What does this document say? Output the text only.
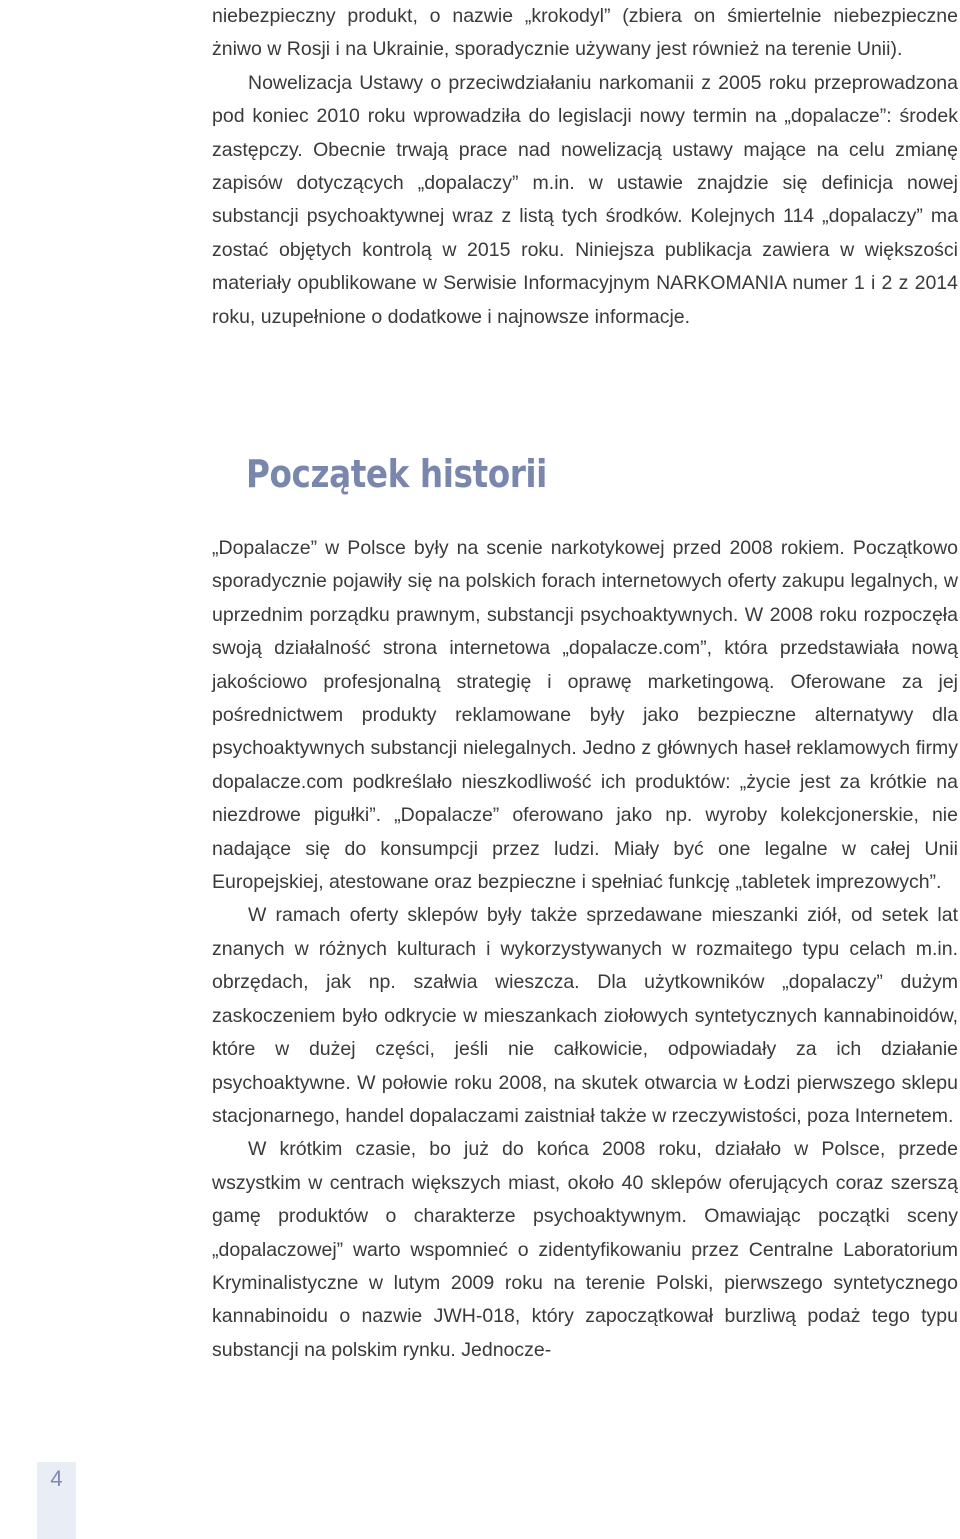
niebezpieczny produkt, o nazwie „krokodyl” (zbiera on śmiertelnie niebezpieczne żniwo w Rosji i na Ukrainie, sporadycznie używany jest również na terenie Unii).

Nowelizacja Ustawy o przeciwdziałaniu narkomanii z 2005 roku przeprowadzona pod koniec 2010 roku wprowadziła do legislacji nowy termin na „dopalacze”: środek zastępczy. Obecnie trwają prace nad nowelizacją ustawy mające na celu zmianę zapisów dotyczących „dopalaczy” m.in. w ustawie znajdzie się definicja nowej substancji psychoaktywnej wraz z listą tych środków. Kolejnych 114 „dopalaczy” ma zostać objętych kontrolą w 2015 roku. Niniejsza publikacja zawiera w większości materiały opublikowane w Serwisie Informacyjnym NARKOMANIA numer 1 i 2 z 2014 roku, uzupełnione o dodatkowe i najnowsze informacje.

Początek historii

„Dopalacze” w Polsce były na scenie narkotykowej przed 2008 rokiem. Początkowo sporadycznie pojawiły się na polskich forach internetowych oferty zakupu legalnych, w uprzednim porządku prawnym, substancji psychoaktywnych. W 2008 roku rozpoczęła swoją działalność strona internetowa „dopalacze.com”, która przedstawiała nową jakościowo profesjonalną strategię i oprawę marketingową. Oferowane za jej pośrednictwem produkty reklamowane były jako bezpieczne alternatywy dla psychoaktywnych substancji nielegalnych. Jedno z głównych haseł reklamowych firmy dopalacze.com podkreślało nieszkodliwość ich produktów: „życie jest za krótkie na niezdrowe pigułki”. „Dopalacze” oferowano jako np. wyroby kolekcjonerskie, nie nadające się do konsumpcji przez ludzi. Miały być one legalne w całej Unii Europejskiej, atestowane oraz bezpieczne i spełniać funkcję „tabletek imprezowych”.

W ramach oferty sklepów były także sprzedawane mieszanki ziół, od setek lat znanych w różnych kulturach i wykorzystywanych w rozmaitego typu celach m.in. obrzędach, jak np. szałwia wieszcza. Dla użytkowników „dopalaczy” dużym zaskoczeniem było odkrycie w mieszankach ziołowych syntetycznych kannabinoidów, które w dużej części, jeśli nie całkowicie, odpowiadały za ich działanie psychoaktywne. W połowie roku 2008, na skutek otwarcia w Łodzi pierwszego sklepu stacjonarnego, handel dopalaczami zaistniał także w rzeczywistości, poza Internetem.

W krótkim czasie, bo już do końca 2008 roku, działało w Polsce, przede wszystkim w centrach większych miast, około 40 sklepów oferujących coraz szerszą gamę produktów o charakterze psychoaktywnym. Omawiając początki sceny „dopalaczowej” warto wspomnieć o zidentyfikowaniu przez Centralne Laboratorium Kryminalistyczne w lutym 2009 roku na terenie Polski, pierwszego syntetycznego kannabinoidu o nazwie JWH-018, który zapoczątkował burzliwą podaż tego typu substancji na polskim rynku. Jednocze-

4
